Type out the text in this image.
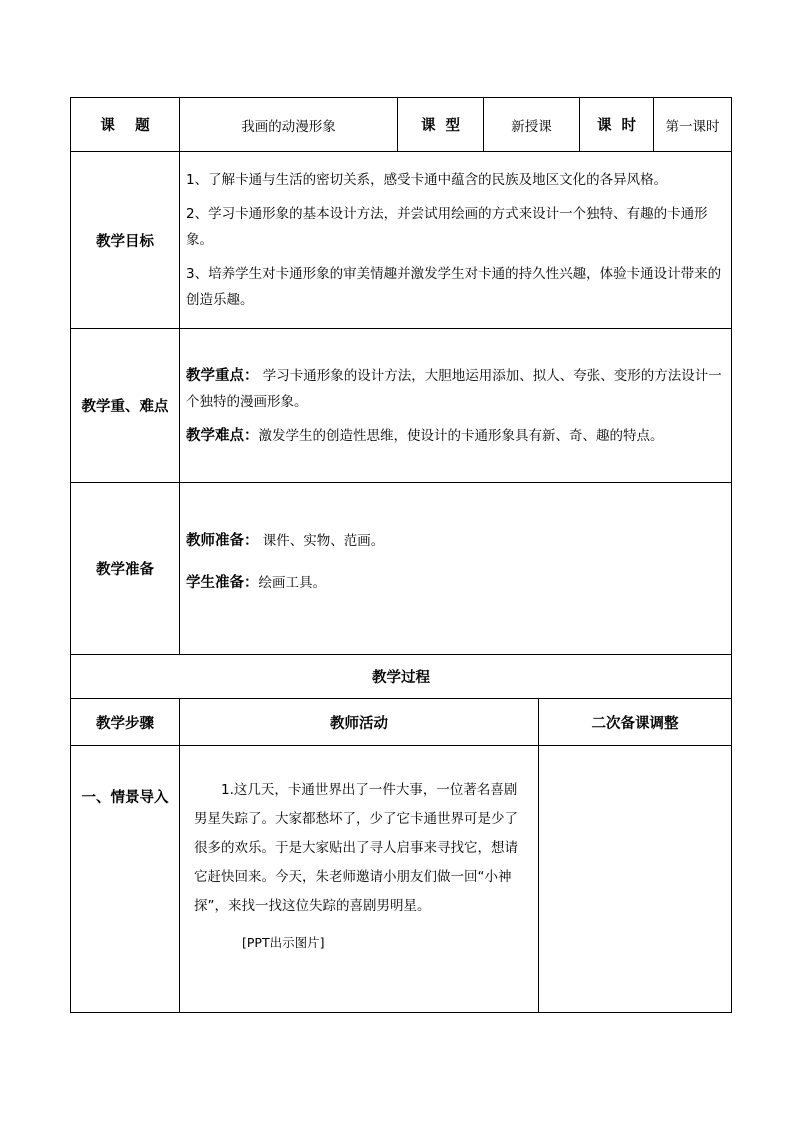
课    题	我画的动漫形象	课  型	新授课		课  时	第一课时
教学目标	1、了解卡通与生活的密切关系，感受卡通中蕴含的民族及地区文化的各异风格。

2、学习卡通形象的基本设计方法，并尝试用绘画的方式来设计一个独特、有趣的卡通形象。

3、培养学生对卡通形象的审美情趣并激发学生对卡通的持久性兴趣，体验卡通设计带来的创造乐趣。					

教学重、难点	教学重点： 学习卡通形象的设计方法，大胆地运用添加、拟人、夸张、变形的方法设计一个独特的漫画形象。

教学难点：激发学生的创造性思维，使设计的卡通形象具有新、奇、趣的特点。					

教学准备	教师准备： 课件、实物、范画。

学生准备：绘画工具。					

教学过程						
教学步骤	教师活动			二次备课调整		
一、情景导入	1.这几天，卡通世界出了一件大事，一位著名喜剧男星失踪了。大家都愁坏了，少了它卡通世界可是少了很多的欢乐。于是大家贴出了寻人启事来寻找它，想请它赶快回来。今天，朱老师邀请小朋友们做一回“小神探”，来找一找这位失踪的喜剧男明星。

[PPT出示图片]					
